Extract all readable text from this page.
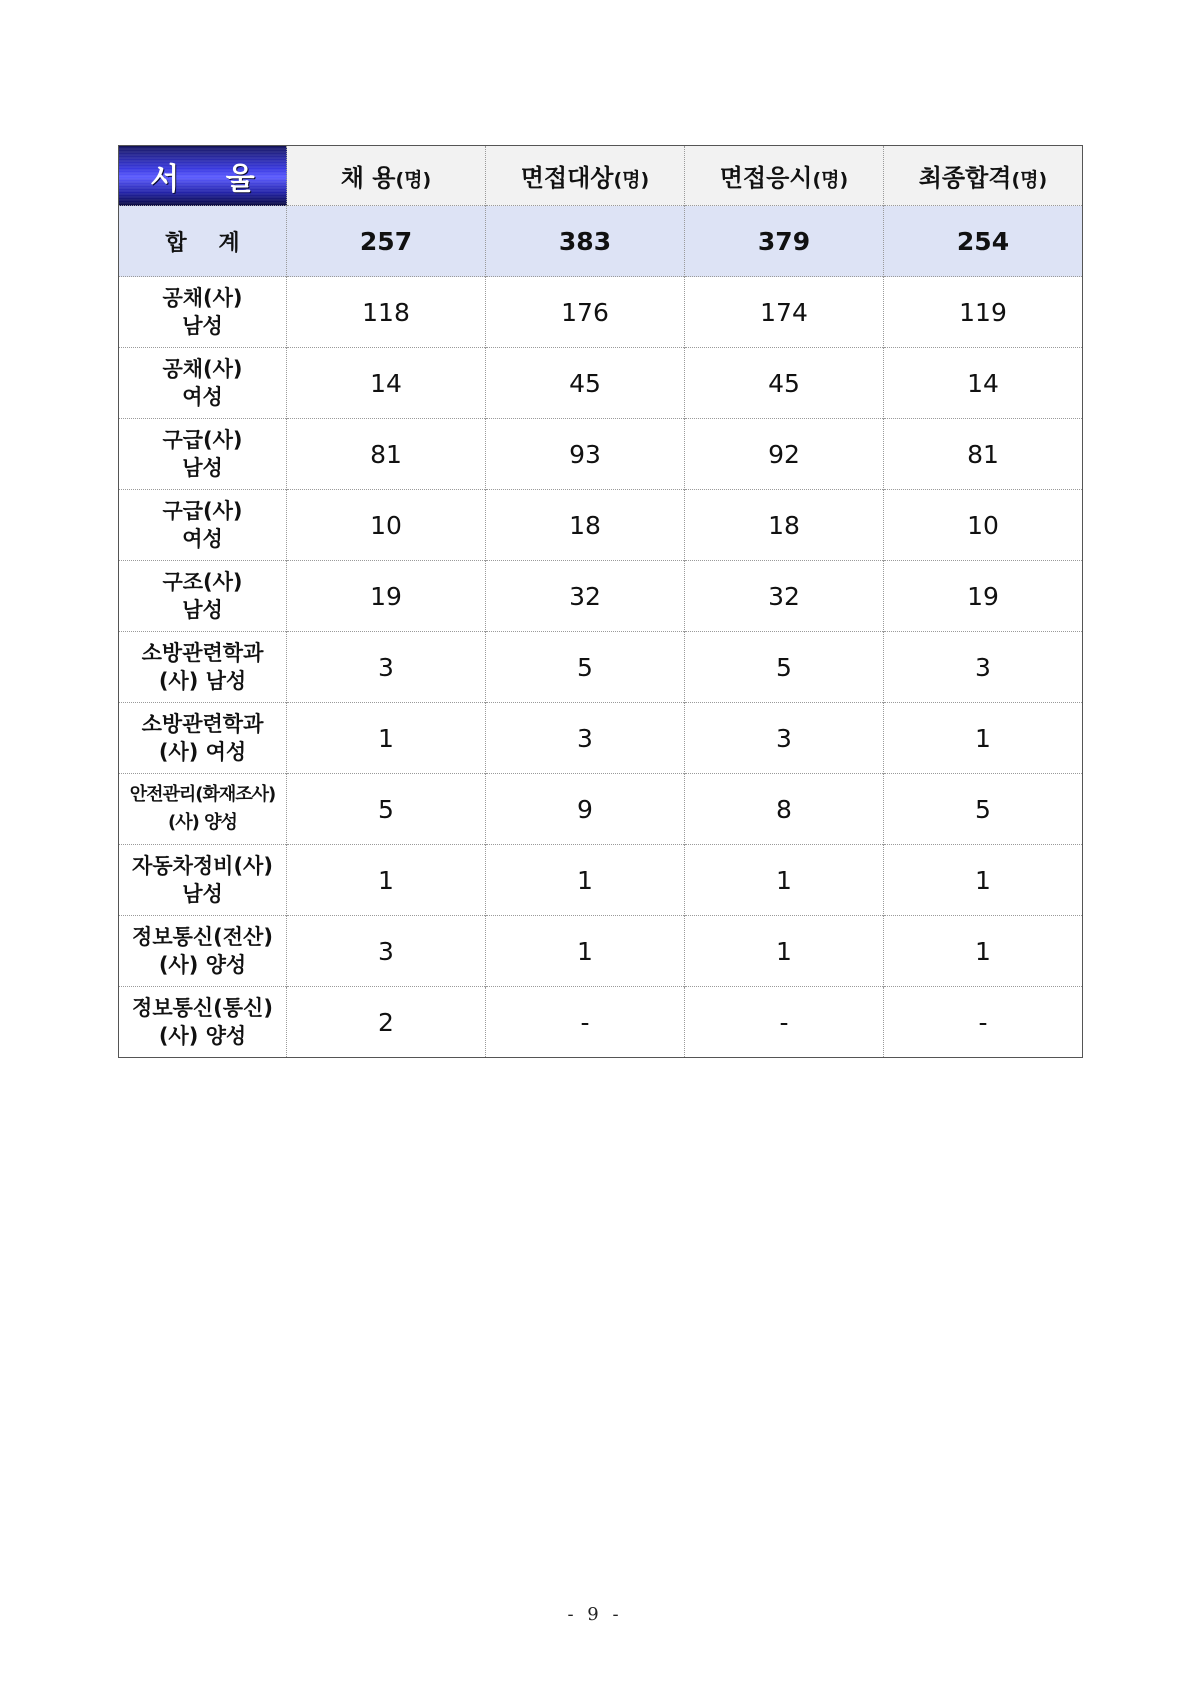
서 울	채 용(명)	면접대상(명)	면접응시(명)	최종합격(명)
합 계	257	383	379	254

공채(사)
남성	118	176	174	119

공채(사)
여성	14	45	45	14

구급(사)
남성	81	93	92	81

구급(사)
여성	10	18	18	10

구조(사)
남성	19	32	32	19

소방관련학과
(사) 남성	3	5	5	3

소방관련학과
(사) 여성	1	3	3	1

안전관리(화재조사)
(사) 양성	5	9	8	5

자동차정비(사)
남성	1	1	1	1

정보통신(전산)
(사) 양성	3	1	1	1

정보통신(통신)
(사) 양성	2	-	-	-
- 9 -
